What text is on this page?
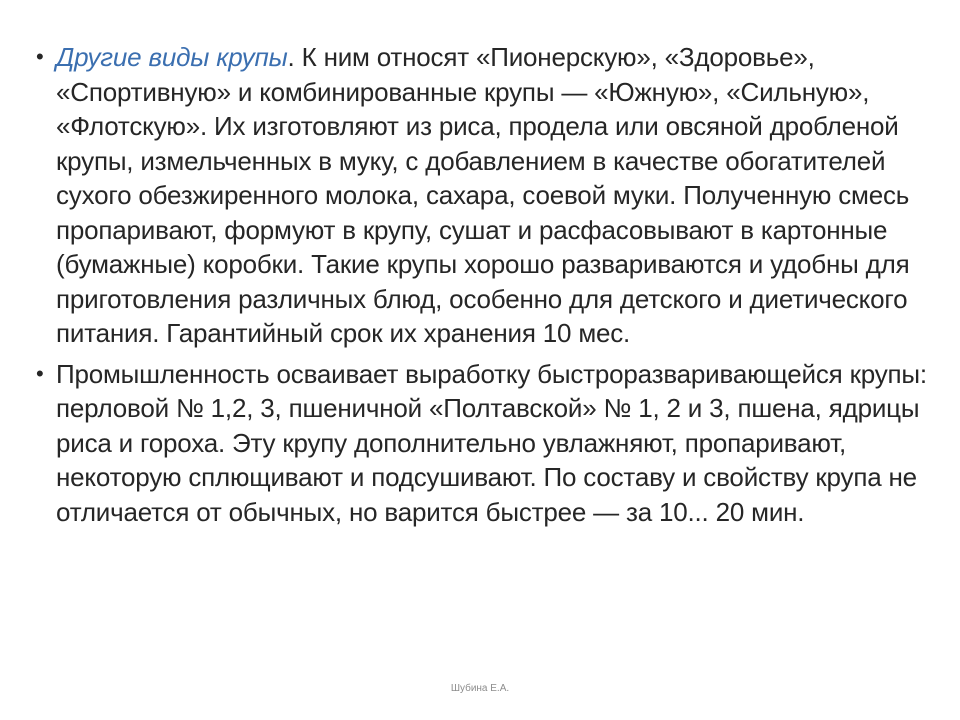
• Другие виды крупы. К ним относят «Пионерскую», «Здоровье», «Спортивную» и комбинированные крупы — «Южную», «Сильную», «Флотскую». Их изготовляют из риса, продела или овсяной дробленой крупы, измельченных в муку, с добавлением в качестве обогатителей сухого обезжиренного молока, сахара, соевой муки. Полученную смесь пропаривают, формуют в крупу, сушат и расфасовывают в картонные (бумажные) коробки. Такие крупы хорошо развариваются и удобны для приготовления различных блюд, особенно для детского и диетического питания. Гарантийный срок их хранения 10 мес.

• Промышленность осваивает выработку быстроразваривающейся крупы: перловой № 1,2, 3, пшеничной «Полтавской» № 1, 2 и 3, пшена, ядрицы риса и гороха. Эту крупу дополнительно увлажняют, пропаривают, некоторую сплющивают и подсушивают. По составу и свойству крупа не отличается от обычных, но варится быстрее — за 10... 20 мин.

Шубина Е.А.
